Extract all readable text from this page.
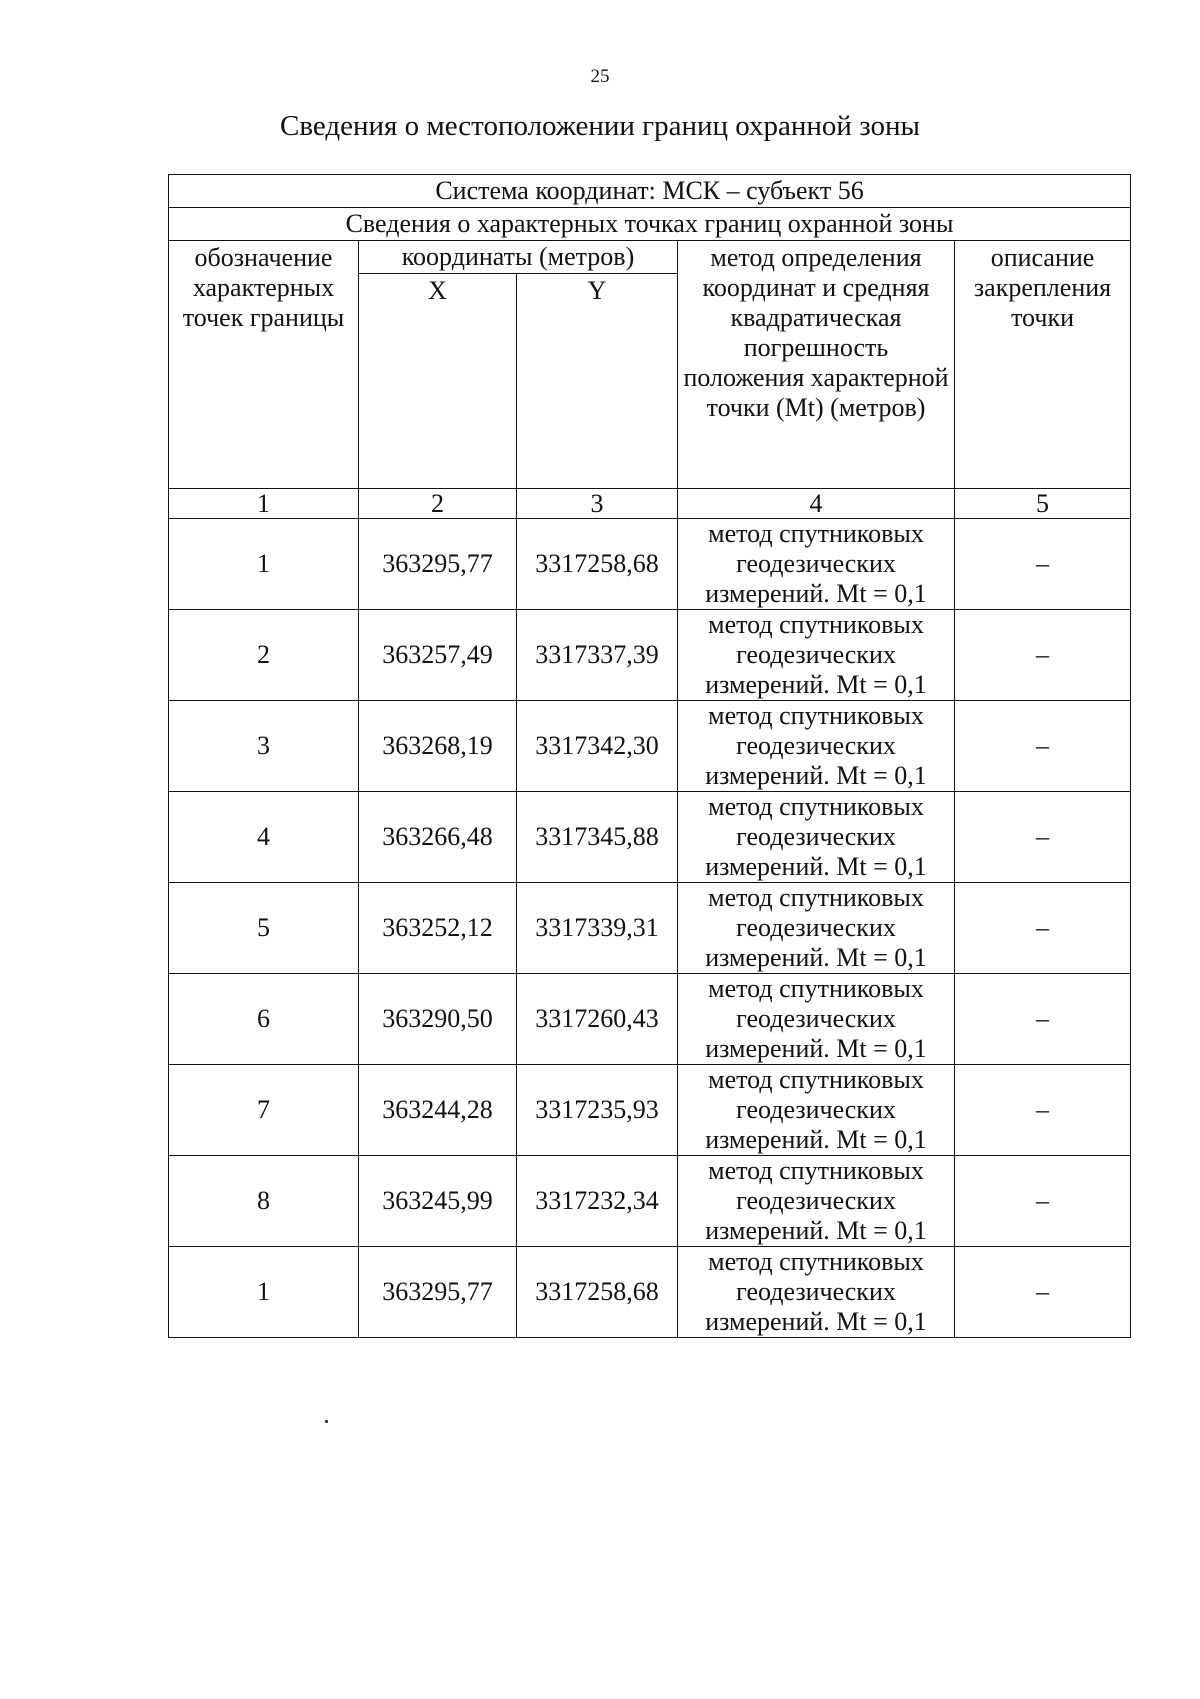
25
Сведения о местоположении границ охранной зоны
Система координат: МСК – субъект 56				
Сведения о характерных точках границ охранной зоны				
обозначение характерных точек границы	координаты (метров)		метод определения координат и средняя квадратическая погрешность положения характерной точки (Mt) (метров)	описание закрепления точки
	X	Y		

1	2	3	4	5
1	363295,77	3317258,68	метод спутниковых геодезических измерений. Mt = 0,1	–
2	363257,49	3317337,39	метод спутниковых геодезических измерений. Mt = 0,1	–
3	363268,19	3317342,30	метод спутниковых геодезических измерений. Mt = 0,1	–
4	363266,48	3317345,88	метод спутниковых геодезических измерений. Mt = 0,1	–
5	363252,12	3317339,31	метод спутниковых геодезических измерений. Mt = 0,1	–
6	363290,50	3317260,43	метод спутниковых геодезических измерений. Mt = 0,1	–
7	363244,28	3317235,93	метод спутниковых геодезических измерений. Mt = 0,1	–
8	363245,99	3317232,34	метод спутниковых геодезических измерений. Mt = 0,1	–
1	363295,77	3317258,68	метод спутниковых геодезических измерений. Mt = 0,1	–
